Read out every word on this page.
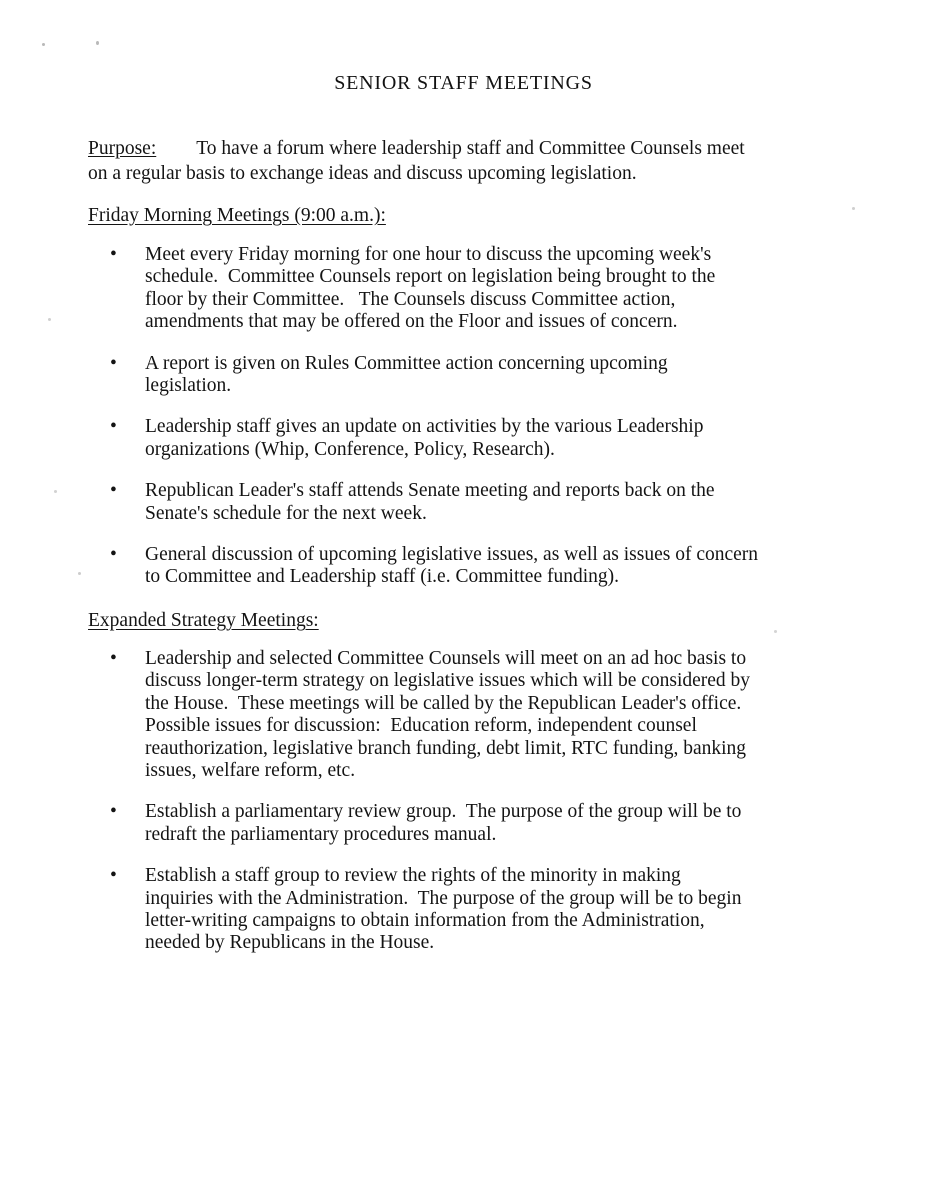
SENIOR STAFF MEETINGS
Purpose: To have a forum where leadership staff and Committee Counsels meet
on a regular basis to exchange ideas and discuss upcoming legislation.
Friday Morning Meetings (9:00 a.m.):
• Meet every Friday morning for one hour to discuss the upcoming week's
schedule.  Committee Counsels report on legislation being brought to the
floor by their Committee.   The Counsels discuss Committee action,
amendments that may be offered on the Floor and issues of concern.
• A report is given on Rules Committee action concerning upcoming
legislation.
• Leadership staff gives an update on activities by the various Leadership
organizations (Whip, Conference, Policy, Research).
• Republican Leader's staff attends Senate meeting and reports back on the
Senate's schedule for the next week.
• General discussion of upcoming legislative issues, as well as issues of concern
to Committee and Leadership staff (i.e. Committee funding).
Expanded Strategy Meetings:
• Leadership and selected Committee Counsels will meet on an ad hoc basis to
discuss longer-term strategy on legislative issues which will be considered by
the House.  These meetings will be called by the Republican Leader's office.
Possible issues for discussion:  Education reform, independent counsel
reauthorization, legislative branch funding, debt limit, RTC funding, banking
issues, welfare reform, etc.
• Establish a parliamentary review group.  The purpose of the group will be to
redraft the parliamentary procedures manual.
• Establish a staff group to review the rights of the minority in making
inquiries with the Administration.  The purpose of the group will be to begin
letter-writing campaigns to obtain information from the Administration,
needed by Republicans in the House.
